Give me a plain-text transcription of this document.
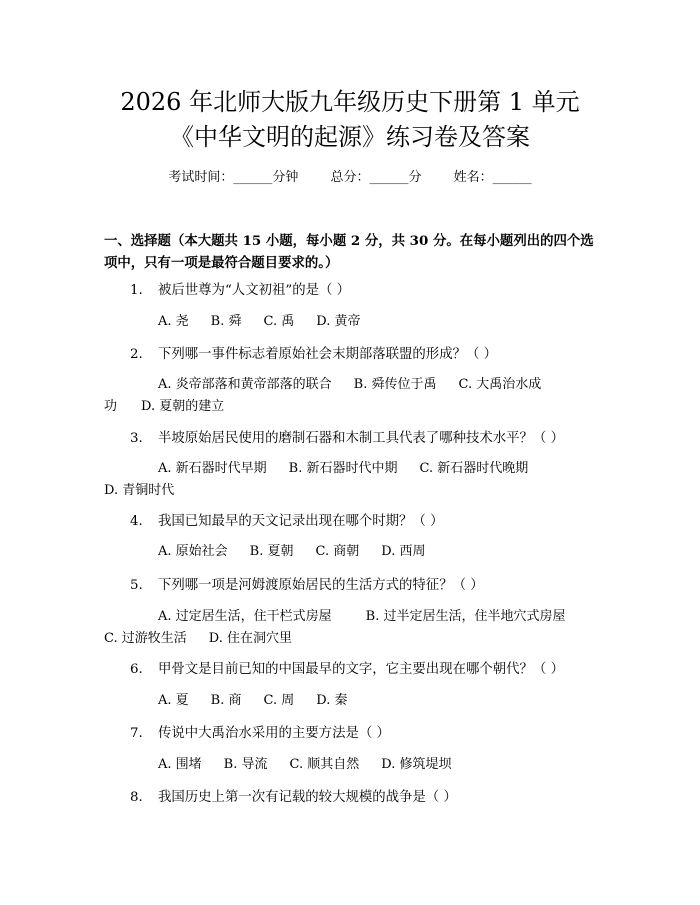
2026 年北师大版九年级历史下册第 1 单元
《中华文明的起源》练习卷及答案
考试时间：______分钟 总分：______分 姓名：______
一、选择题（本大题共 15 小题，每小题 2 分，共 30 分。在每小题列出的四个选项中，只有一项是最符合题目要求的。）
1. 被后世尊为“人文初祖”的是（ ）
A. 尧 B. 舜 C. 禹 D. 黄帝
2. 下列哪一事件标志着原始社会末期部落联盟的形成？（ ）
A. 炎帝部落和黄帝部落的联合 B. 舜传位于禹 C. 大禹治水成
功 D. 夏朝的建立
3. 半坡原始居民使用的磨制石器和木制工具代表了哪种技术水平？（ ）
A. 新石器时代早期 B. 新石器时代中期 C. 新石器时代晚期
D. 青铜时代
4. 我国已知最早的天文记录出现在哪个时期？（ ）
A. 原始社会 B. 夏朝 C. 商朝 D. 西周
5. 下列哪一项是河姆渡原始居民的生活方式的特征？（ ）
A. 过定居生活，住干栏式房屋	B. 过半定居生活，住半地穴式房屋
C. 过游牧生活 D. 住在洞穴里
6. 甲骨文是目前已知的中国最早的文字，它主要出现在哪个朝代？（ ）
A. 夏 B. 商 C. 周 D. 秦
7. 传说中大禹治水采用的主要方法是（ ）
A. 围堵 B. 导流 C. 顺其自然 D. 修筑堤坝
8. 我国历史上第一次有记载的较大规模的战争是（ ）
